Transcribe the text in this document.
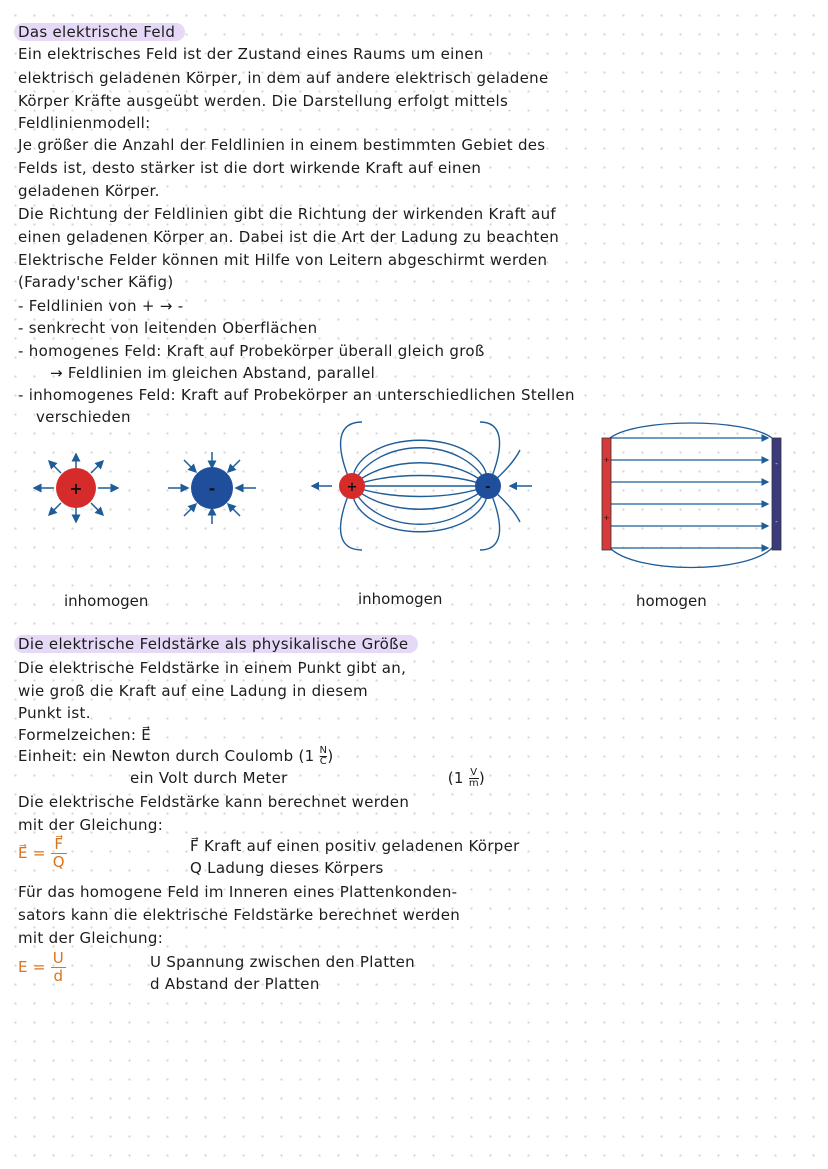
Das elektrische Feld
Ein elektrisches Feld ist der Zustand eines Raums um einen
elektrisch geladenen Körper, in dem auf andere elektrisch geladene
Körper Kräfte ausgeübt werden. Die Darstellung erfolgt mittels
Feldlinienmodell:
Je größer die Anzahl der Feldlinien in einem bestimmten Gebiet des
Felds ist, desto stärker ist die dort wirkende Kraft auf einen
geladenen Körper.
Die Richtung der Feldlinien gibt die Richtung der wirkenden Kraft auf
einen geladenen Körper an. Dabei ist die Art der Ladung zu beachten
Elektrische Felder können mit Hilfe von Leitern abgeschirmt werden
(Farady'scher Käfig)
- Feldlinien von + → -
- senkrecht von leitenden Oberflächen
- homogenes Feld: Kraft auf Probekörper überall gleich groß
→ Feldlinien im gleichen Abstand, parallel
- inhomogenes Feld: Kraft auf Probekörper an unterschiedlichen Stellen
verschieden
+	-	+	-
+
+
-
-
inhomogen	inhomogen	homogen
Die elektrische Feldstärke als physikalische Größe
Die elektrische Feldstärke in einem Punkt gibt an,
wie groß die Kraft auf eine Ladung in diesem
Punkt ist.
Formelzeichen: E⃗
Einheit: ein Newton durch Coulomb $(1 \frac{N}{C})$
ein Volt durch Meter	$(1 \frac{V}{m})$
Die elektrische Feldstärke kann berechnet werden
mit der Gleichung:
E⃗ = $\frac{F⃗}{Q}$	F⃗ Kraft auf einen positiv geladenen Körper
Q Ladung dieses Körpers
Für das homogene Feld im Inneren eines Plattenkonden-
sators kann die elektrische Feldstärke berechnet werden
mit der Gleichung:
$E = \frac{U}{d}$	U Spannung zwischen den Platten
d Abstand der Platten
